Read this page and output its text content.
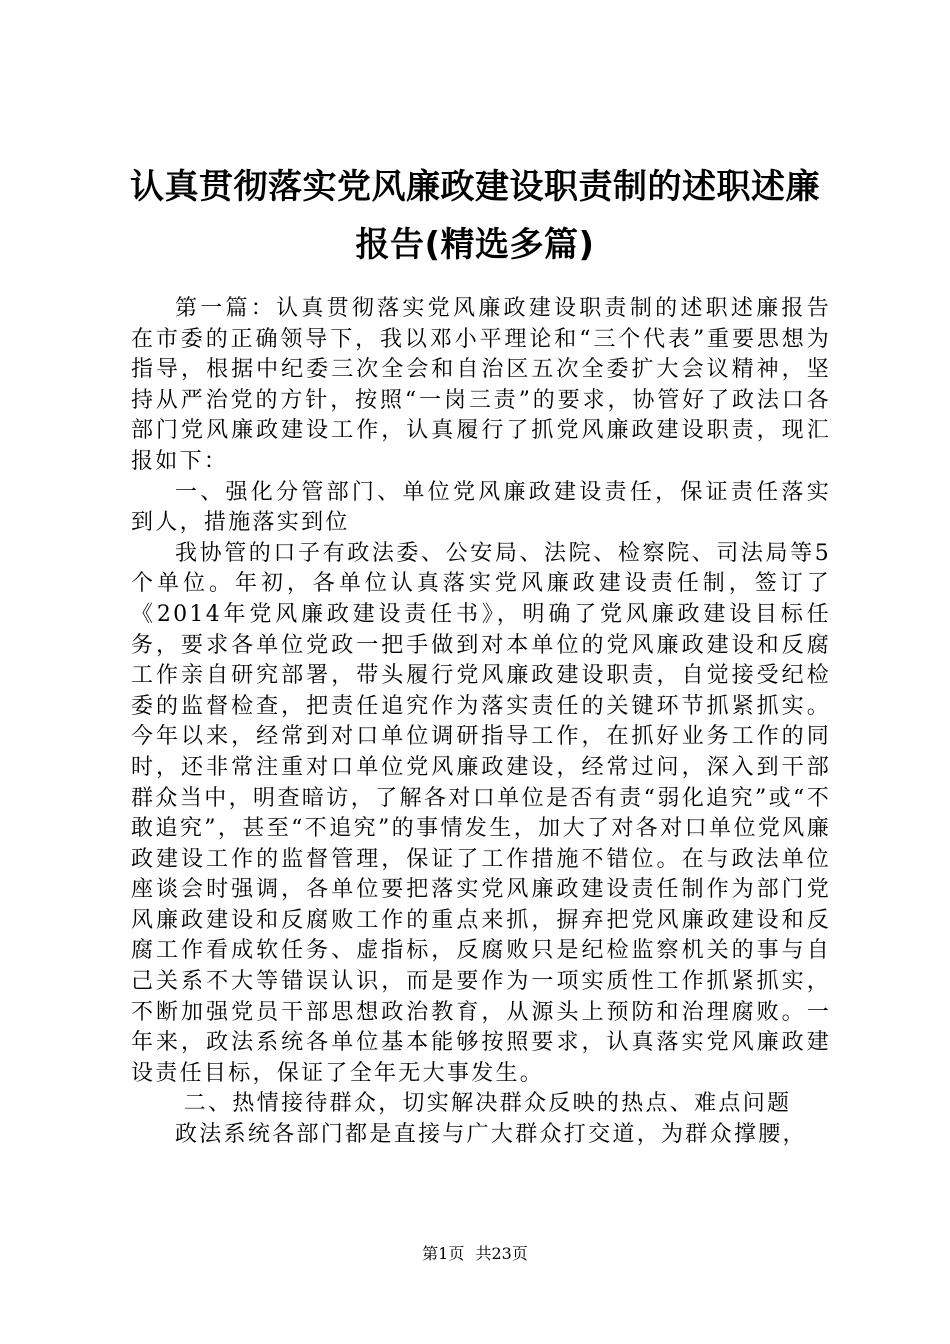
认真贯彻落实党风廉政建设职责制的述职述廉
报告(精选多篇)

第一篇：认真贯彻落实党风廉政建设职责制的述职述廉报告在市委的正确领导下，我以邓小平理论和“三个代表”重要思想为指导，根据中纪委三次全会和自治区五次全委扩大会议精神，坚持从严治党的方针，按照“一岗三责”的要求，协管好了政法口各部门党风廉政建设工作，认真履行了抓党风廉政建设职责，现汇报如下：

一、强化分管部门、单位党风廉政建设责任，保证责任落实到人，措施落实到位

我协管的口子有政法委、公安局、法院、检察院、司法局等5个单位。年初，各单位认真落实党风廉政建设责任制，签订了《2014年党风廉政建设责任书》，明确了党风廉政建设目标任务，要求各单位党政一把手做到对本单位的党风廉政建设和反腐工作亲自研究部署，带头履行党风廉政建设职责，自觉接受纪检委的监督检查，把责任追究作为落实责任的关键环节抓紧抓实。今年以来，经常到对口单位调研指导工作，在抓好业务工作的同时，还非常注重对口单位党风廉政建设，经常过问，深入到干部群众当中，明查暗访，了解各对口单位是否有责“弱化追究”或“不敢追究”，甚至“不追究”的事情发生，加大了对各对口单位党风廉政建设工作的监督管理，保证了工作措施不错位。在与政法单位座谈会时强调，各单位要把落实党风廉政建设责任制作为部门党风廉政建设和反腐败工作的重点来抓，摒弃把党风廉政建设和反腐工作看成软任务、虚指标，反腐败只是纪检监察机关的事与自己关系不大等错误认识，而是要作为一项实质性工作抓紧抓实，不断加强党员干部思想政治教育，从源头上预防和治理腐败。一年来，政法系统各单位基本能够按照要求，认真落实党风廉政建设责任目标，保证了全年无大事发生。

二、热情接待群众，切实解决群众反映的热点、难点问题

政法系统各部门都是直接与广大群众打交道，为群众撑腰，

第1页 共23页
